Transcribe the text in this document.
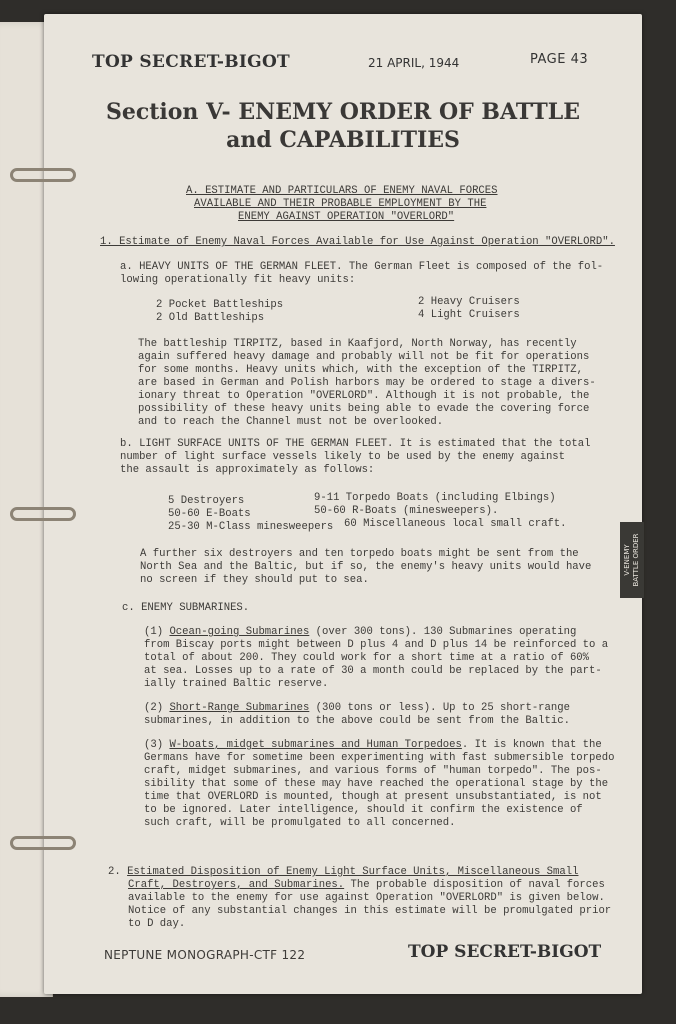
TOP SECRET-BIGOT	21 APRIL, 1944	PAGE 43
Section V- ENEMY ORDER OF BATTLE
and CAPABILITIES
A. ESTIMATE AND PARTICULARS OF ENEMY NAVAL FORCES
AVAILABLE AND THEIR PROBABLE EMPLOYMENT BY THE
ENEMY AGAINST OPERATION "OVERLORD"
1. Estimate of Enemy Naval Forces Available for Use Against Operation "OVERLORD".
a. HEAVY UNITS OF THE GERMAN FLEET. The German Fleet is composed of the fol-
lowing operationally fit heavy units:
2 Pocket Battleships
2 Old Battleships
2 Heavy Cruisers
4 Light Cruisers
The battleship TIRPITZ, based in Kaafjord, North Norway, has recently
again suffered heavy damage and probably will not be fit for operations
for some months. Heavy units which, with the exception of the TIRPITZ,
are based in German and Polish harbors may be ordered to stage a divers-
ionary threat to Operation "OVERLORD". Although it is not probable, the
possibility of these heavy units being able to evade the covering force
and to reach the Channel must not be overlooked.
b. LIGHT SURFACE UNITS OF THE GERMAN FLEET. It is estimated that the total
number of light surface vessels likely to be used by the enemy against
the assault is approximately as follows:
5 Destroyers
50-60 E-Boats
25-30 M-Class minesweepers
9-11 Torpedo Boats (including Elbings)
50-60 R-Boats (minesweepers).
60 Miscellaneous local small craft.
A further six destroyers and ten torpedo boats might be sent from the
North Sea and the Baltic, but if so, the enemy's heavy units would have
no screen if they should put to sea.
c. ENEMY SUBMARINES.
(1) Ocean-going Submarines (over 300 tons). 130 Submarines operating
from Biscay ports might between D plus 4 and D plus 14 be reinforced to a
total of about 200. They could work for a short time at a ratio of 60%
at sea. Losses up to a rate of 30 a month could be replaced by the part-
ially trained Baltic reserve.
(2) Short-Range Submarines (300 tons or less). Up to 25 short-range
submarines, in addition to the above could be sent from the Baltic.
(3) W-boats, midget submarines and Human Torpedoes. It is known that the
Germans have for sometime been experimenting with fast submersible torpedo
craft, midget submarines, and various forms of "human torpedo". The pos-
sibility that some of these may have reached the operational stage by the
time that OVERLORD is mounted, though at present unsubstantiated, is not
to be ignored. Later intelligence, should it confirm the existence of
such craft, will be promulgated to all concerned.
2. Estimated Disposition of Enemy Light Surface Units, Miscellaneous Small
Craft, Destroyers, and Submarines. The probable disposition of naval forces
available to the enemy for use against Operation "OVERLORD" is given below.
Notice of any substantial changes in this estimate will be promulgated prior
to D day.
NEPTUNE MONOGRAPH-CTF 122	TOP SECRET-BIGOT
V-ENEMY BATTLE ORDER
